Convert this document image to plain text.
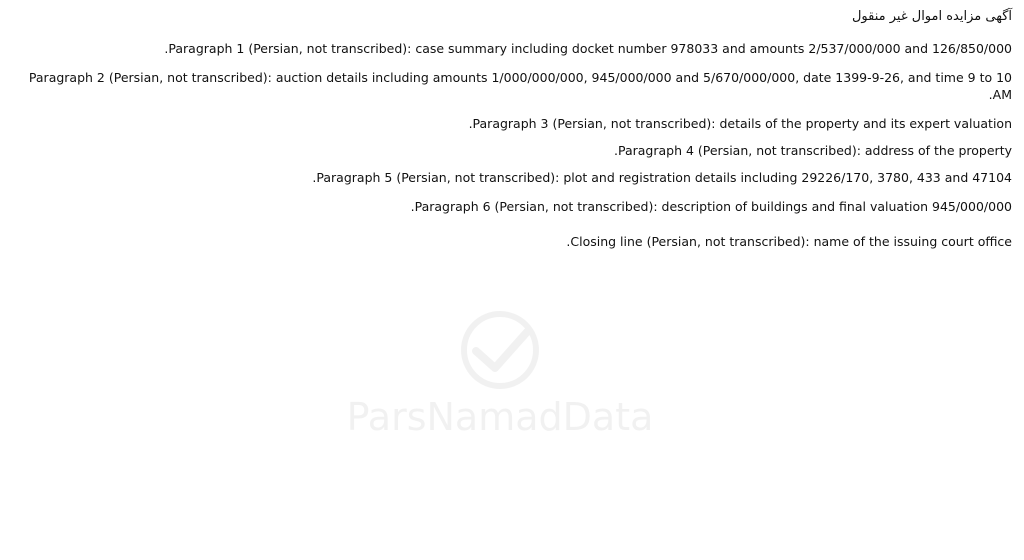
آگهی مزایده اموال غیر منقول
Paragraph 1 (Persian, not transcribed): case summary including docket number 978033 and amounts 2/537/000/000 and 126/850/000.
Paragraph 2 (Persian, not transcribed): auction details including amounts 1/000/000/000, 945/000/000 and 5/670/000/000, date 1399-9-26, and time 9 to 10 AM.
Paragraph 3 (Persian, not transcribed): details of the property and its expert valuation.
Paragraph 4 (Persian, not transcribed): address of the property.
Paragraph 5 (Persian, not transcribed): plot and registration details including 29226/170, 3780, 433 and 47104.
Paragraph 6 (Persian, not transcribed): description of buildings and final valuation 945/000/000.
Closing line (Persian, not transcribed): name of the issuing court office.
ParsNamadData
